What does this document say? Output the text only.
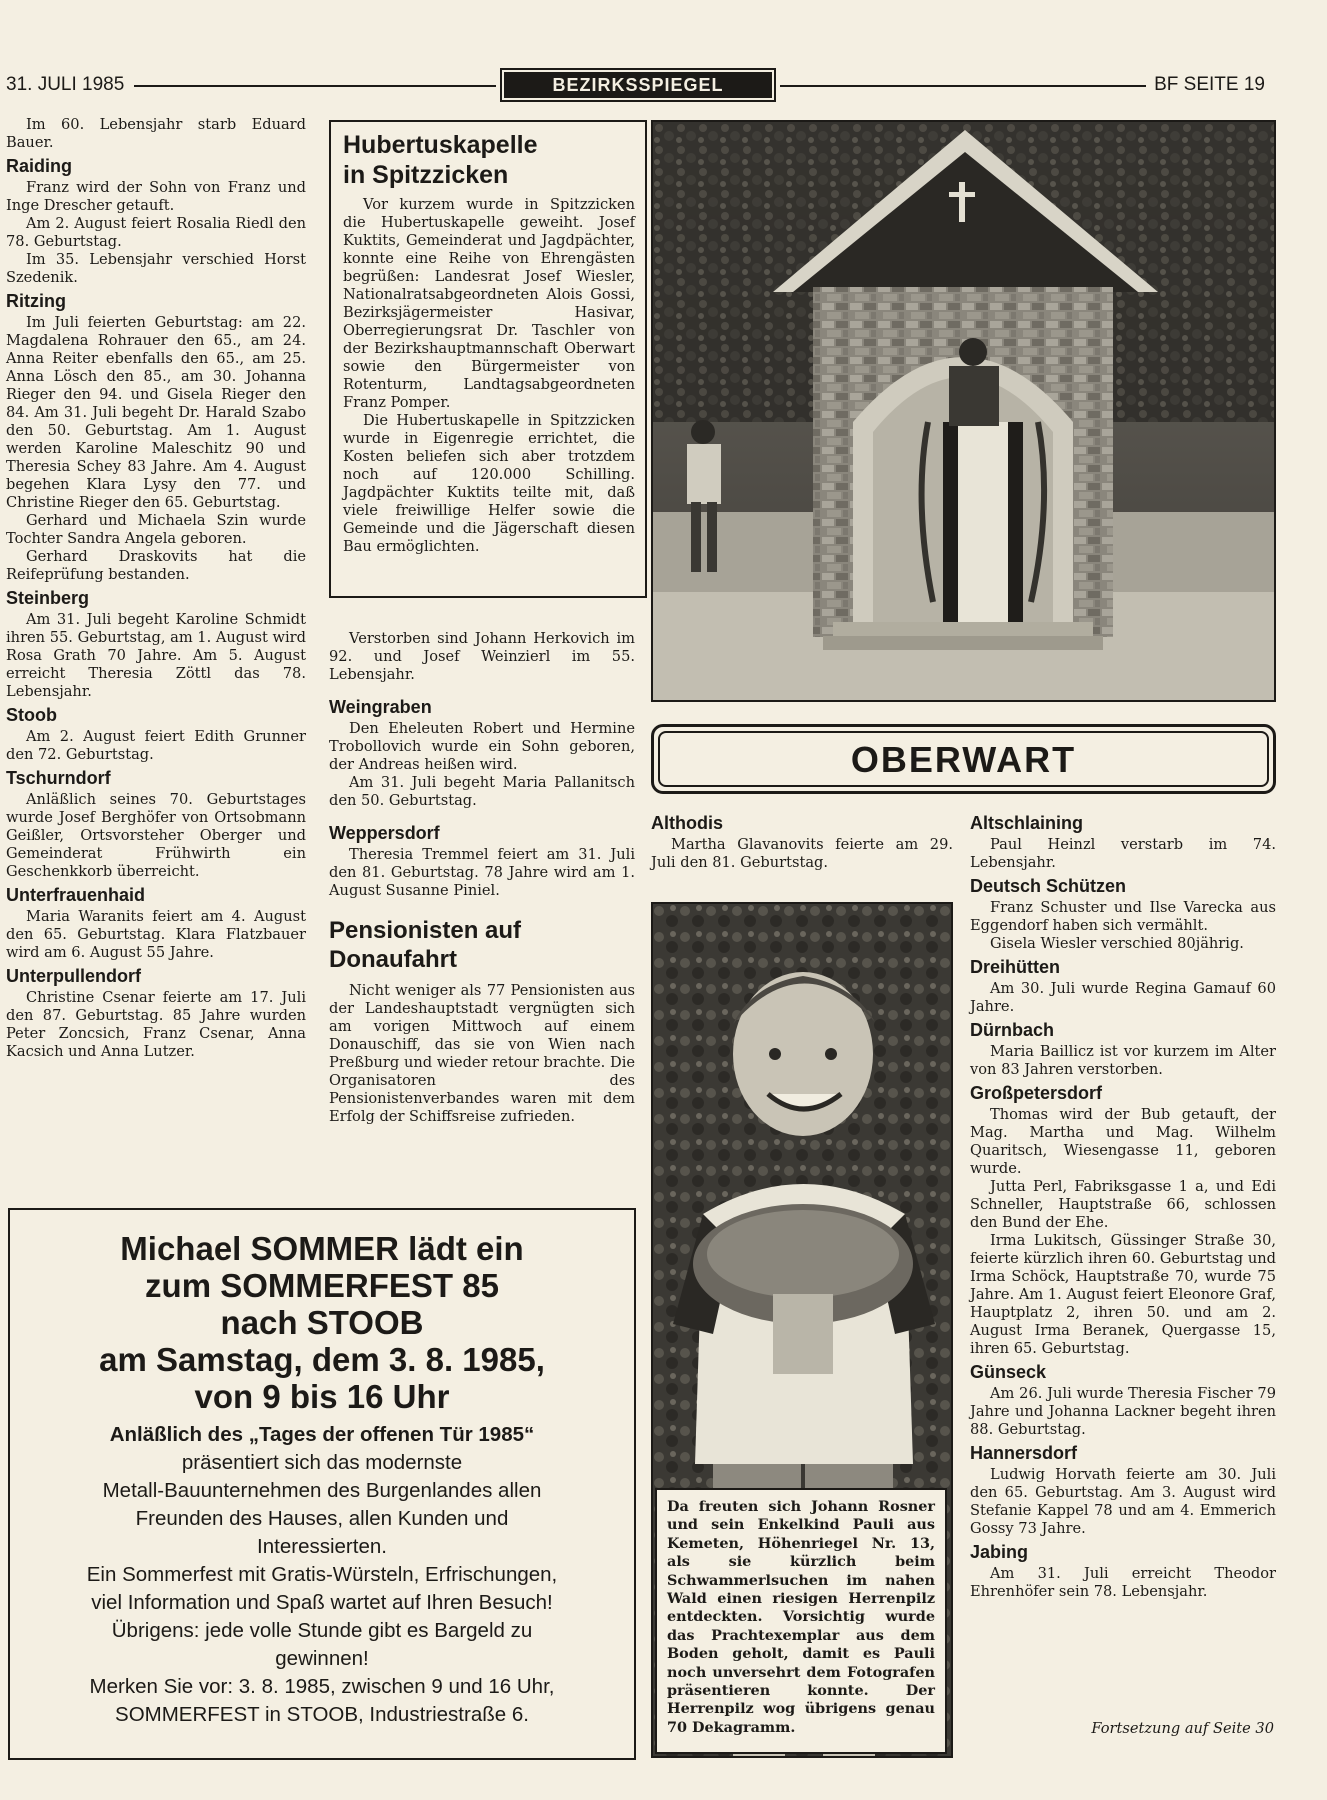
31. JULI 1985	BEZIRKSSPIEGEL	BF SEITE 19

Im 60. Lebensjahr starb Eduard Bauer.

Raiding

Franz wird der Sohn von Franz und Inge Drescher getauft.

Am 2. August feiert Rosalia Riedl den 78. Geburtstag.

Im 35. Lebensjahr verschied Horst Szedenik.

Ritzing

Im Juli feierten Geburtstag: am 22. Magdalena Rohrauer den 65., am 24. Anna Reiter ebenfalls den 65., am 25. Anna Lösch den 85., am 30. Johanna Rieger den 94. und Gisela Rieger den 84. Am 31. Juli begeht Dr. Harald Szabo den 50. Geburtstag. Am 1. August werden Karoline Maleschitz 90 und Theresia Schey 83 Jahre. Am 4. August begehen Klara Lysy den 77. und Christine Rieger den 65. Geburtstag.

Gerhard und Michaela Szin wurde Tochter Sandra Angela geboren.

Gerhard Draskovits hat die Reifeprüfung bestanden.

Steinberg

Am 31. Juli begeht Karoline Schmidt ihren 55. Geburtstag, am 1. August wird Rosa Grath 70 Jahre. Am 5. August erreicht Theresia Zöttl das 78. Lebensjahr.

Stoob

Am 2. August feiert Edith Grunner den 72. Geburtstag.

Tschurndorf

Anläßlich seines 70. Geburtstages wurde Josef Berghöfer von Ortsobmann Geißler, Ortsvorsteher Oberger und Gemeinderat Frühwirth ein Geschenkkorb überreicht.

Unterfrauenhaid

Maria Waranits feiert am 4. August den 65. Geburtstag. Klara Flatzbauer wird am 6. August 55 Jahre.

Unterpullendorf

Christine Csenar feierte am 17. Juli den 87. Geburtstag. 85 Jahre wurden Peter Zoncsich, Franz Csenar, Anna Kacsich und Anna Lutzer.

Hubertuskapelle
in Spitzzicken

Vor kurzem wurde in Spitzzicken die Hubertuskapelle geweiht. Josef Kuktits, Gemeinderat und Jagdpächter, konnte eine Reihe von Ehrengästen begrüßen: Landesrat Josef Wiesler, Nationalratsabgeordneten Alois Gossi, Bezirksjägermeister Hasivar, Oberregierungsrat Dr. Taschler von der Bezirkshauptmannschaft Oberwart sowie den Bürgermeister von Rotenturm, Landtagsabgeordneten Franz Pomper.

Die Hubertuskapelle in Spitzzicken wurde in Eigenregie errichtet, die Kosten beliefen sich aber trotzdem noch auf 120.000 Schilling. Jagdpächter Kuktits teilte mit, daß viele freiwillige Helfer sowie die Gemeinde und die Jägerschaft diesen Bau ermöglichten.

Verstorben sind Johann Herkovich im 92. und Josef Weinzierl im 55. Lebensjahr.

Weingraben

Den Eheleuten Robert und Hermine Trobollovich wurde ein Sohn geboren, der Andreas heißen wird.

Am 31. Juli begeht Maria Pallanitsch den 50. Geburtstag.

Weppersdorf

Theresia Tremmel feiert am 31. Juli den 81. Geburtstag. 78 Jahre wird am 1. August Susanne Piniel.

Pensionisten auf
Donaufahrt

Nicht weniger als 77 Pensionisten aus der Landeshauptstadt vergnügten sich am vorigen Mittwoch auf einem Donauschiff, das sie von Wien nach Preßburg und wieder retour brachte. Die Organisatoren des Pensionistenverbandes waren mit dem Erfolg der Schiffsreise zufrieden.

OBERWART
Althodis

Martha Glavanovits feierte am 29. Juli den 81. Geburtstag.

Da freuten sich Johann Rosner und sein Enkelkind Pauli aus Kemeten, Höhenriegel Nr. 13, als sie kürzlich beim Schwammerlsuchen im nahen Wald einen riesigen Herrenpilz entdeckten. Vorsichtig wurde das Prachtexemplar aus dem Boden geholt, damit es Pauli noch unversehrt dem Fotografen präsentieren konnte. Der Herrenpilz wog übrigens genau 70 Dekagramm.
Altschlaining

Paul Heinzl verstarb im 74. Lebensjahr.

Deutsch Schützen

Franz Schuster und Ilse Varecka aus Eggendorf haben sich vermählt.

Gisela Wiesler verschied 80jährig.

Dreihütten

Am 30. Juli wurde Regina Gamauf 60 Jahre.

Dürnbach

Maria Baillicz ist vor kurzem im Alter von 83 Jahren verstorben.

Großpetersdorf

Thomas wird der Bub getauft, der Mag. Martha und Mag. Wilhelm Quaritsch, Wiesengasse 11, geboren wurde.

Jutta Perl, Fabriksgasse 1 a, und Edi Schneller, Hauptstraße 66, schlossen den Bund der Ehe.

Irma Lukitsch, Güssinger Straße 30, feierte kürzlich ihren 60. Geburtstag und Irma Schöck, Hauptstraße 70, wurde 75 Jahre. Am 1. August feiert Eleonore Graf, Hauptplatz 2, ihren 50. und am 2. August Irma Beranek, Quergasse 15, ihren 65. Geburtstag.

Günseck

Am 26. Juli wurde Theresia Fischer 79 Jahre und Johanna Lackner begeht ihren 88. Geburtstag.

Hannersdorf

Ludwig Horvath feierte am 30. Juli den 65. Geburtstag. Am 3. August wird Stefanie Kappel 78 und am 4. Emmerich Gossy 73 Jahre.

Jabing

Am 31. Juli erreicht Theodor Ehrenhöfer sein 78. Lebensjahr.

Fortsetzung auf Seite 30
Michael SOMMER lädt ein
zum SOMMERFEST 85
nach STOOB
am Samstag, dem 3. 8. 1985,
von 9 bis 16 Uhr
Anläßlich des „Tages der offenen Tür 1985“
präsentiert sich das modernste
Metall-Bauunternehmen des Burgenlandes allen
Freunden des Hauses, allen Kunden und
Interessierten.
Ein Sommerfest mit Gratis-Würsteln, Erfrischungen,
viel Information und Spaß wartet auf Ihren Besuch!
Übrigens: jede volle Stunde gibt es Bargeld zu
gewinnen!
Merken Sie vor: 3. 8. 1985, zwischen 9 und 16 Uhr,
SOMMERFEST in STOOB, Industriestraße 6.
